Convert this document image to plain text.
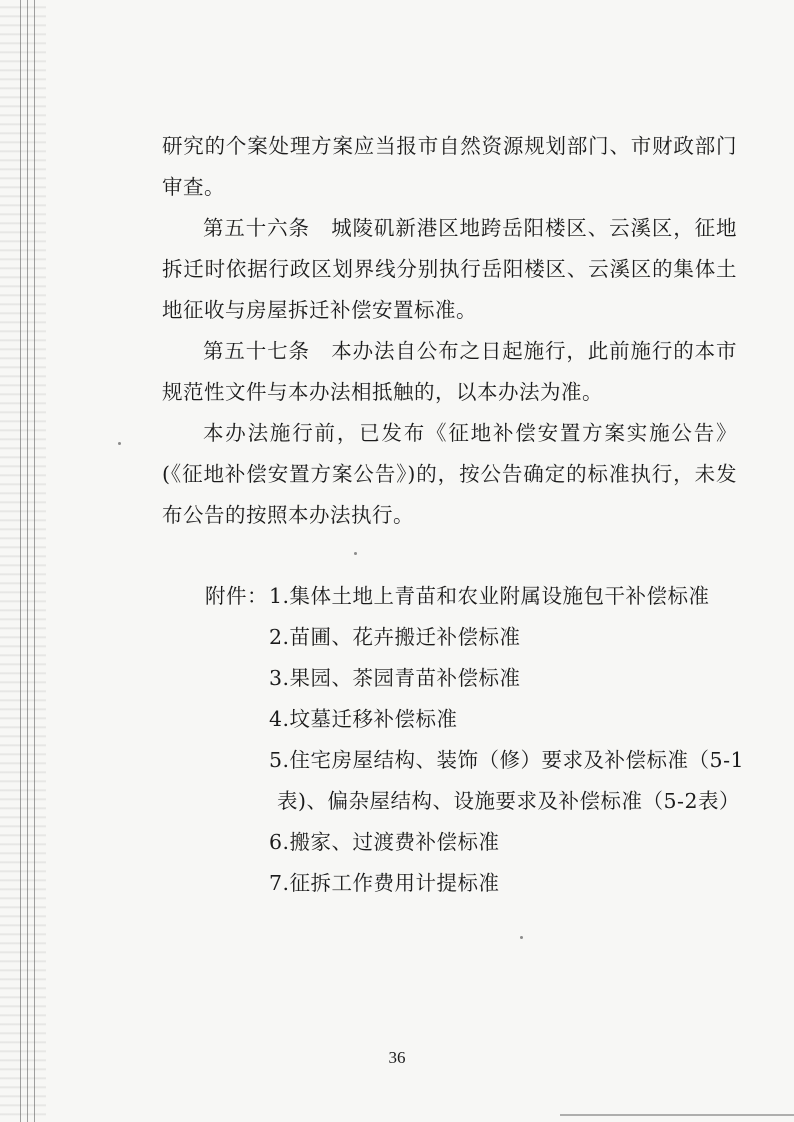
研究的个案处理方案应当报市自然资源规划部门、市财政部门审查。

第五十六条　城陵矶新港区地跨岳阳楼区、云溪区，征地拆迁时依据行政区划界线分别执行岳阳楼区、云溪区的集体土地征收与房屋拆迁补偿安置标准。

第五十七条　本办法自公布之日起施行，此前施行的本市规范性文件与本办法相抵触的，以本办法为准。

本办法施行前，已发布《征地补偿安置方案实施公告》(《征地补偿安置方案公告》)的，按公告确定的标准执行，未发布公告的按照本办法执行。

附件： 1.集体土地上青苗和农业附属设施包干补偿标准
2.苗圃、花卉搬迁补偿标准
3.果园、茶园青苗补偿标准
4.坟墓迁移补偿标准
5.住宅房屋结构、装饰（修）要求及补偿标准（5-1
表)、偏杂屋结构、设施要求及补偿标准（5-2表）
6.搬家、过渡费补偿标准
7.征拆工作费用计提标准
36
